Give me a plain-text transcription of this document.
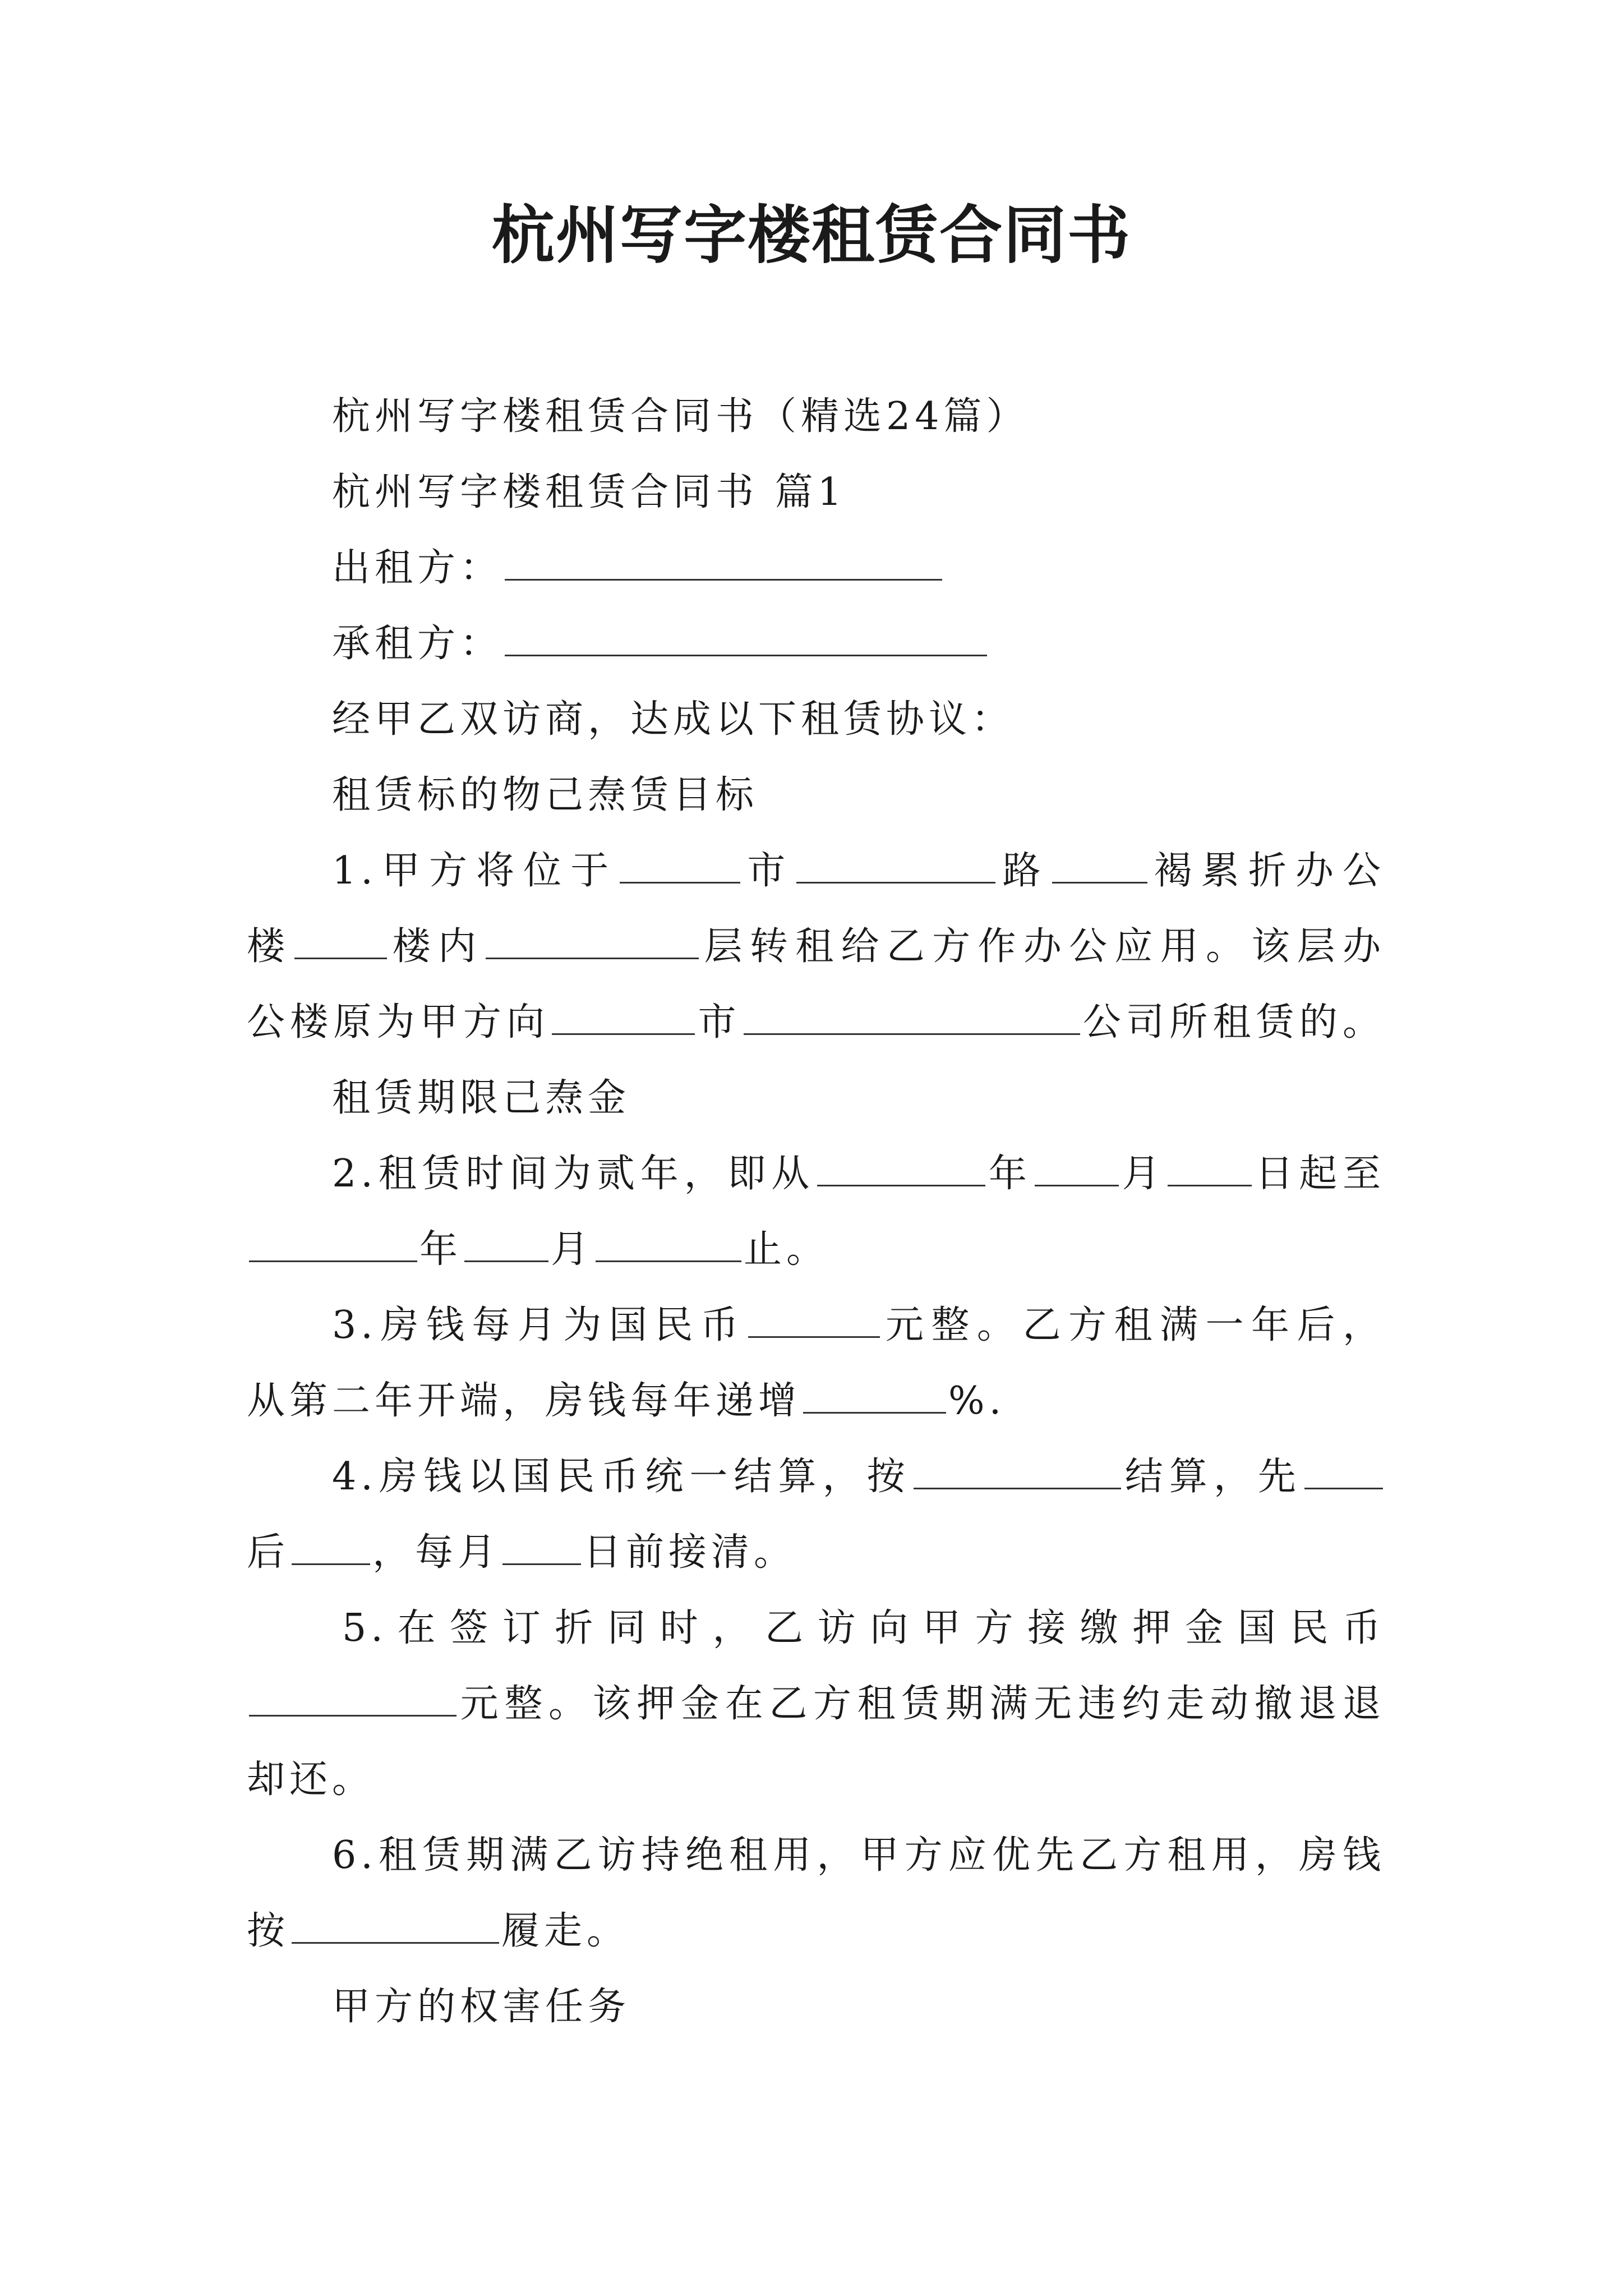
杭州写字楼租赁合同书

杭州写字楼租赁合同书（精选24篇）

杭州写字楼租赁合同书 篇1

出租方：

承租方：

经甲乙双访商，达成以下租赁协议：

租赁标的物己焘赁目标

1.甲方将位于	市	路	褐累折办公

楼	楼内	层转租给乙方作办公应用。该层办

公楼原为甲方向	市	公司所租赁的。

租赁期限己焘金

2.租赁时间为贰年，即从	年 月 日起至

年 月	止。

3.房钱每月为国民币	元整。乙方租满一年后，

从第二年开端，房钱每年递增	%.

4.房钱以国民币统一结算，按	结算，先

后 ，每月 日前接清。

5.在签订折同时，乙访向甲方接缴押金国民币

元整。该押金在乙方租赁期满无违约走动撤退退

却还。

6.租赁期满乙访持绝租用，甲方应优先乙方租用，房钱

按	履走。

甲方的权害任务
